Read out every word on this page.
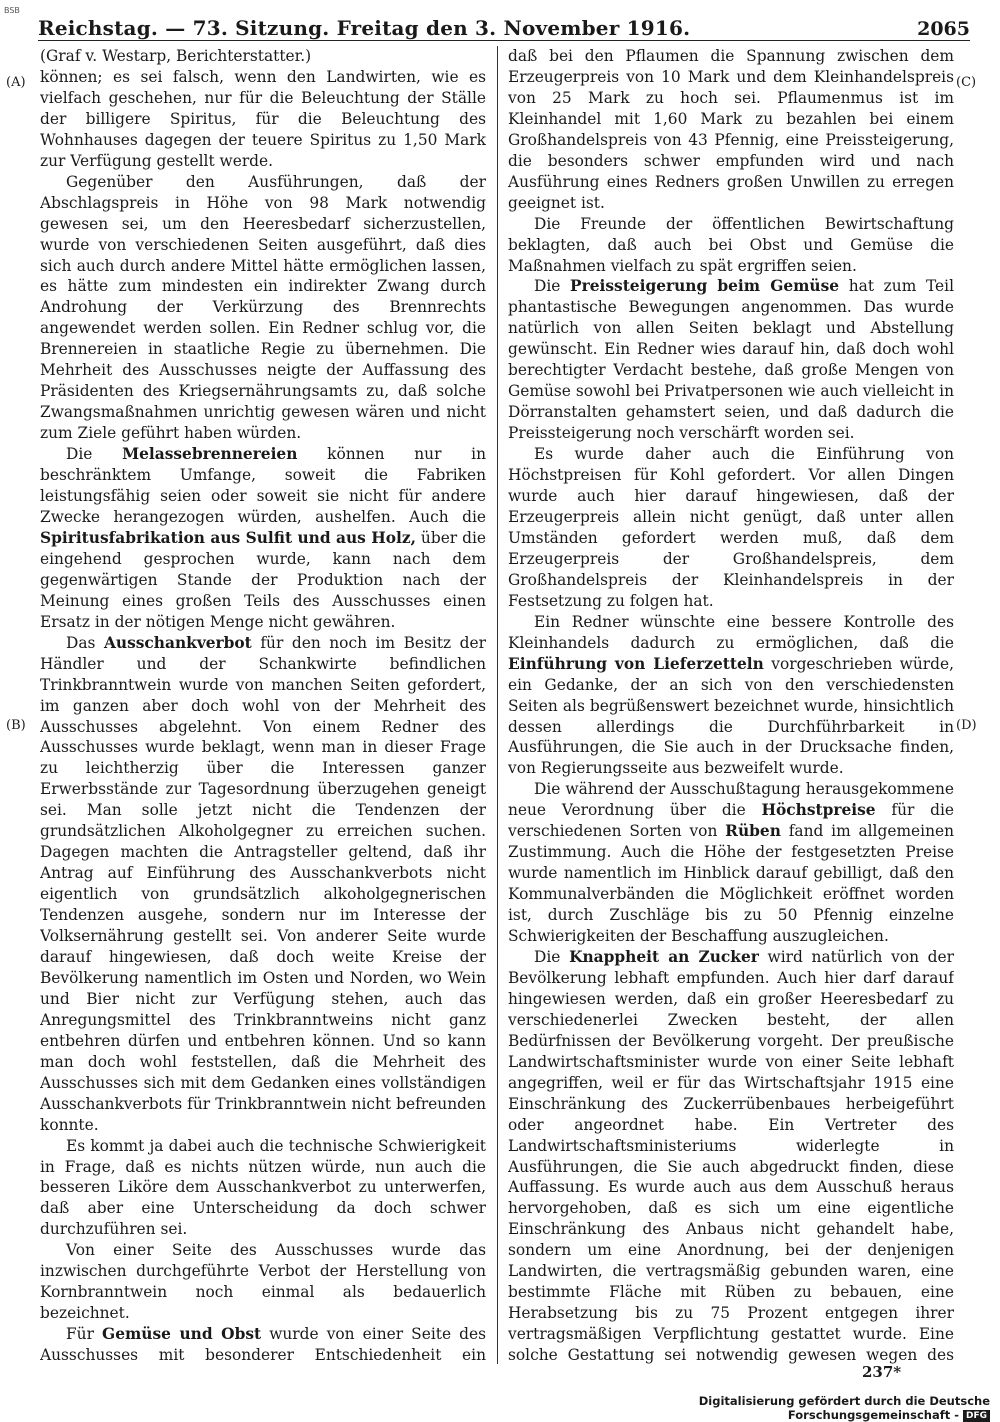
BSB
Reichstag. — 73. Sitzung. Freitag den 3. November 1916.	2065
(A)
(B)
(C)
(D)

(Graf v. Westarp, Berichterstatter.)

können; es sei falsch, wenn den Landwirten, wie es vielfach geschehen, nur für die Beleuchtung der Ställe der billigere Spiritus, für die Beleuchtung des Wohnhauses dagegen der teuere Spiritus zu 1,50 Mark zur Verfügung gestellt werde.

Gegenüber den Ausführungen, daß der Abschlagspreis in Höhe von 98 Mark notwendig gewesen sei, um den Heeresbedarf sicherzustellen, wurde von verschiedenen Seiten ausgeführt, daß dies sich auch durch andere Mittel hätte ermöglichen lassen, es hätte zum mindesten ein indirekter Zwang durch Androhung der Verkürzung des Brennrechts angewendet werden sollen. Ein Redner schlug vor, die Brennereien in staatliche Regie zu übernehmen. Die Mehrheit des Ausschusses neigte der Auffassung des Präsidenten des Kriegsernährungsamts zu, daß solche Zwangsmaßnahmen unrichtig gewesen wären und nicht zum Ziele geführt haben würden.

Die Melassebrennereien können nur in beschränktem Umfange, soweit die Fabriken leistungsfähig seien oder soweit sie nicht für andere Zwecke herangezogen würden, aushelfen. Auch die Spiritusfabrikation aus Sulfit und aus Holz, über die eingehend gesprochen wurde, kann nach dem gegenwärtigen Stande der Produktion nach der Meinung eines großen Teils des Ausschusses einen Ersatz in der nötigen Menge nicht gewähren.

Das Ausschankverbot für den noch im Besitz der Händler und der Schankwirte befindlichen Trinkbranntwein wurde von manchen Seiten gefordert, im ganzen aber doch wohl von der Mehrheit des Ausschusses abgelehnt. Von einem Redner des Ausschusses wurde beklagt, wenn man in dieser Frage zu leichtherzig über die Interessen ganzer Erwerbsstände zur Tagesordnung überzugehen geneigt sei. Man solle jetzt nicht die Tendenzen der grundsätzlichen Alkoholgegner zu erreichen suchen. Dagegen machten die Antragsteller geltend, daß ihr Antrag auf Einführung des Ausschankverbots nicht eigentlich von grundsätzlich alkoholgegnerischen Tendenzen ausgehe, sondern nur im Interesse der Volksernährung gestellt sei. Von anderer Seite wurde darauf hingewiesen, daß doch weite Kreise der Bevölkerung namentlich im Osten und Norden, wo Wein und Bier nicht zur Verfügung stehen, auch das Anregungsmittel des Trinkbranntweins nicht ganz entbehren dürfen und entbehren können. Und so kann man doch wohl feststellen, daß die Mehrheit des Ausschusses sich mit dem Gedanken eines vollständigen Ausschankverbots für Trinkbranntwein nicht befreunden konnte.

Es kommt ja dabei auch die technische Schwierigkeit in Frage, daß es nichts nützen würde, nun auch die besseren Liköre dem Ausschankverbot zu unterwerfen, daß aber eine Unterscheidung da doch schwer durchzuführen sei.

Von einer Seite des Ausschusses wurde das inzwischen durchgeführte Verbot der Herstellung von Kornbranntwein noch einmal als bedauerlich bezeichnet.

Für Gemüse und Obst wurde von einer Seite des Ausschusses mit besonderer Entschiedenheit ein

daß bei den Pflaumen die Spannung zwischen dem Erzeugerpreis von 10 Mark und dem Kleinhandelspreis von 25 Mark zu hoch sei. Pflaumenmus ist im Kleinhandel mit 1,60 Mark zu bezahlen bei einem Großhandelspreis von 43 Pfennig, eine Preissteigerung, die besonders schwer empfunden wird und nach Ausführung eines Redners großen Unwillen zu erregen geeignet ist.

Die Freunde der öffentlichen Bewirtschaftung beklagten, daß auch bei Obst und Gemüse die Maßnahmen vielfach zu spät ergriffen seien.

Die Preissteigerung beim Gemüse hat zum Teil phantastische Bewegungen angenommen. Das wurde natürlich von allen Seiten beklagt und Abstellung gewünscht. Ein Redner wies darauf hin, daß doch wohl berechtigter Verdacht bestehe, daß große Mengen von Gemüse sowohl bei Privatpersonen wie auch vielleicht in Dörranstalten gehamstert seien, und daß dadurch die Preissteigerung noch verschärft worden sei.

Es wurde daher auch die Einführung von Höchstpreisen für Kohl gefordert. Vor allen Dingen wurde auch hier darauf hingewiesen, daß der Erzeugerpreis allein nicht genügt, daß unter allen Umständen gefordert werden muß, daß dem Erzeugerpreis der Großhandelspreis, dem Großhandelspreis der Kleinhandelspreis in der Festsetzung zu folgen hat.

Ein Redner wünschte eine bessere Kontrolle des Kleinhandels dadurch zu ermöglichen, daß die Einführung von Lieferzetteln vorgeschrieben würde, ein Gedanke, der an sich von den verschiedensten Seiten als begrüßenswert bezeichnet wurde, hinsichtlich dessen allerdings die Durchführbarkeit in Ausführungen, die Sie auch in der Drucksache finden, von Regierungsseite aus bezweifelt wurde.

Die während der Ausschußtagung herausgekommene neue Verordnung über die Höchstpreise für die verschiedenen Sorten von Rüben fand im allgemeinen Zustimmung. Auch die Höhe der festgesetzten Preise wurde namentlich im Hinblick darauf gebilligt, daß den Kommunalverbänden die Möglichkeit eröffnet worden ist, durch Zuschläge bis zu 50 Pfennig einzelne Schwierigkeiten der Beschaffung auszugleichen.

Die Knappheit an Zucker wird natürlich von der Bevölkerung lebhaft empfunden. Auch hier darf darauf hingewiesen werden, daß ein großer Heeresbedarf zu verschiedenerlei Zwecken besteht, der allen Bedürfnissen der Bevölkerung vorgeht. Der preußische Landwirtschaftsminister wurde von einer Seite lebhaft angegriffen, weil er für das Wirtschaftsjahr 1915 eine Einschränkung des Zuckerrübenbaues herbeigeführt oder angeordnet habe. Ein Vertreter des Landwirtschaftsministeriums widerlegte in Ausführungen, die Sie auch abgedruckt finden, diese Auffassung. Es wurde auch aus dem Ausschuß heraus hervorgehoben, daß es sich um eine eigentliche Einschränkung des Anbaus nicht gehandelt habe, sondern um eine Anordnung, bei der denjenigen Landwirten, die vertragsmäßig gebunden waren, eine bestimmte Fläche mit Rüben zu bebauen, eine Herabsetzung bis zu 75 Prozent entgegen ihrer vertragsmäßigen Verpflichtung gestattet wurde. Eine solche Gestattung sei notwendig gewesen wegen des

237*
Digitalisierung gefördert durch die Deutsche Forschungsgemeinschaft - DFG
